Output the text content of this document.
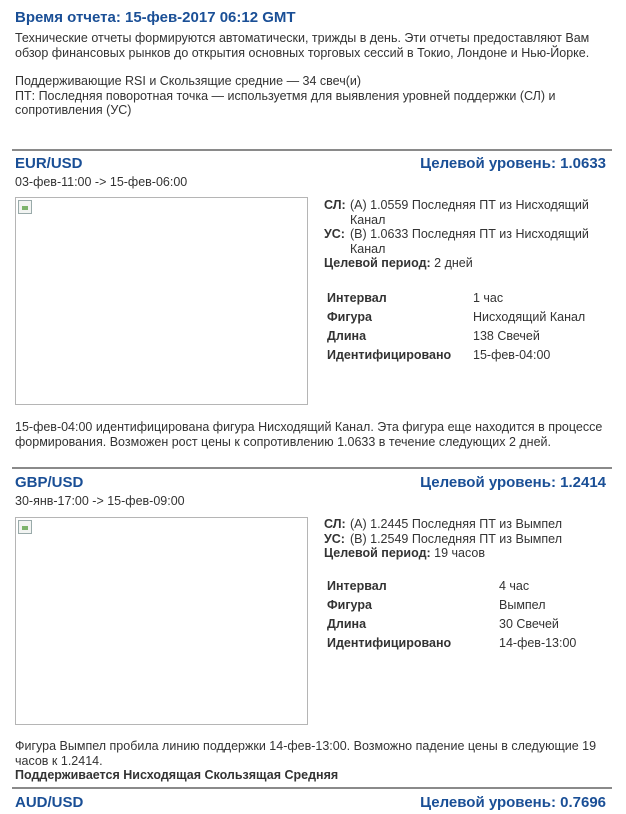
Время отчета: 15-фев-2017 06:12 GMT

Технические отчеты формируются автоматически, трижды в день. Эти отчеты предоставляют Вам обзор финансовых рынков до открытия основных торговых сессий в Токио, Лондоне и Нью-Йорке.

Поддерживающие RSI и Скользящие средние — 34 свеч(и)

ПТ: Последняя поворотная точка — используетмя для выявления уровней поддержки (СЛ) и сопротивления (УС)

EUR/USD	Целевой уровень: 1.0633
03-фев-11:00 -> 15-фев-06:00
СЛ: (A) 1.0559 Последняя ПТ из Нисходящий Канал
УС: (B) 1.0633 Последняя ПТ из Нисходящий Канал
Целевой период: 2 дней
Интервал	1 час
Фигура	Нисходящий Канал
Длина	138 Свечей
Идентифицировано	15-фев-04:00

15-фев-04:00 идентифицирована фигура Нисходящий Канал. Эта фигура еще находится в процессе формирования. Возможен рост цены к сопротивлению 1.0633 в течение следующих 2 дней.

GBP/USD	Целевой уровень: 1.2414
30-янв-17:00 -> 15-фев-09:00
СЛ: (A) 1.2445 Последняя ПТ из Вымпел
УС: (B) 1.2549 Последняя ПТ из Вымпел
Целевой период: 19 часов
Интервал	4 час
Фигура	Вымпел
Длина	30 Свечей
Идентифицировано	14-фев-13:00

Фигура Вымпел пробила линию поддержки 14-фев-13:00. Возможно падение цены в следующие 19 часов к 1.2414.

Поддерживается Нисходящая Скользящая Средняя

AUD/USD	Целевой уровень: 0.7696
